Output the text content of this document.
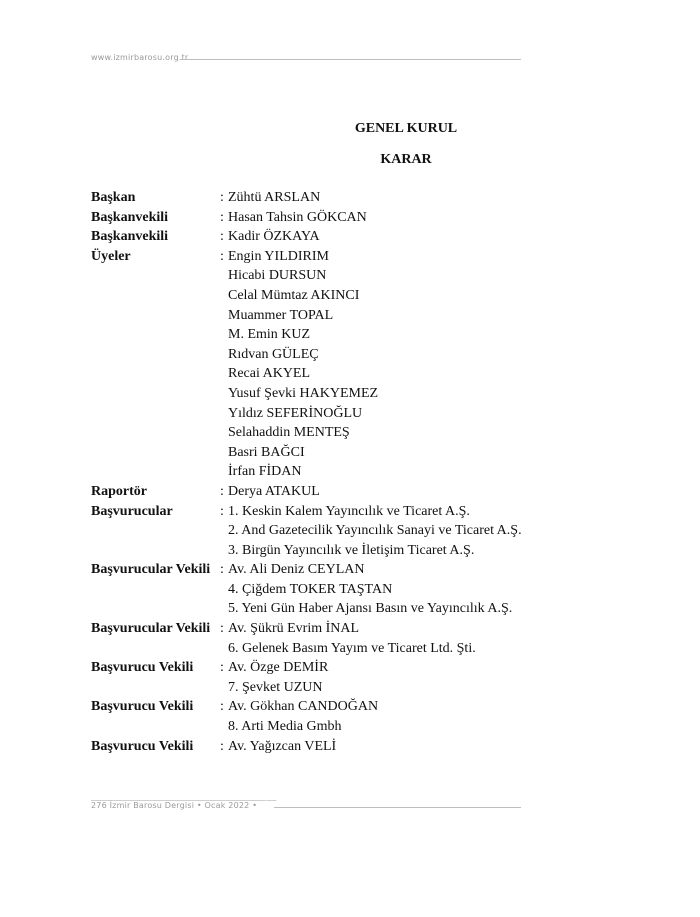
www.izmirbarosu.org.tr
GENEL KURUL
KARAR
Başkan	: Zühtü ARSLAN
Başkanvekili	: Hasan Tahsin GÖKCAN
Başkanvekili	: Kadir ÖZKAYA
Üyeler	: Engin YILDIRIM
Hicabi DURSUN
Celal Mümtaz AKINCI
Muammer TOPAL
M. Emin KUZ
Rıdvan GÜLEÇ
Recai AKYEL
Yusuf Şevki HAKYEMEZ
Yıldız SEFERİNOĞLU
Selahaddin MENTEŞ
Basri BAĞCI
İrfan FİDAN
Raportör	: Derya ATAKUL
Başvurucular	: 1. Keskin Kalem Yayıncılık ve Ticaret A.Ş.
2. And Gazetecilik Yayıncılık Sanayi ve Ticaret A.Ş.
3. Birgün Yayıncılık ve İletişim Ticaret A.Ş.
Başvurucular Vekili : Av. Ali Deniz CEYLAN
4. Çiğdem TOKER TAŞTAN
5. Yeni Gün Haber Ajansı Basın ve Yayıncılık A.Ş.
Başvurucular Vekili : Av. Şükrü Evrim İNAL
6. Gelenek Basım Yayım ve Ticaret Ltd. Şti.
Başvurucu Vekili : Av. Özge DEMİR
7. Şevket UZUN
Başvurucu Vekili : Av. Gökhan CANDOĞAN
8. Arti Media Gmbh
Başvurucu Vekili : Av. Yağızcan VELİ
276 İzmir Barosu Dergisi • Ocak 2022 •
